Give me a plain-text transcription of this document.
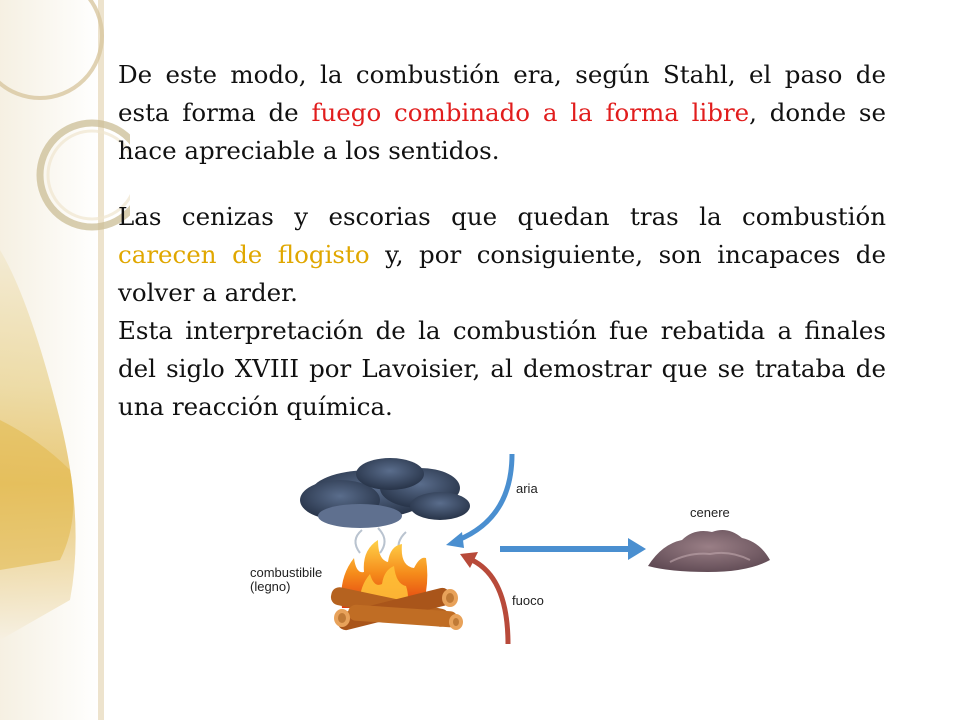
De este modo, la combustión era, según Stahl, el paso de esta forma de fuego combinado a la forma libre, donde se hace apreciable a los sentidos.

Las cenizas y escorias que quedan tras la combustión carecen de flogisto y, por consiguiente, son incapaces de volver a arder.

Esta interpretación de la combustión fue rebatida a finales del siglo XVIII por Lavoisier, al demostrar que se trataba de una reacción química.

aria
cenere
combustibile
(legno)
fuoco
